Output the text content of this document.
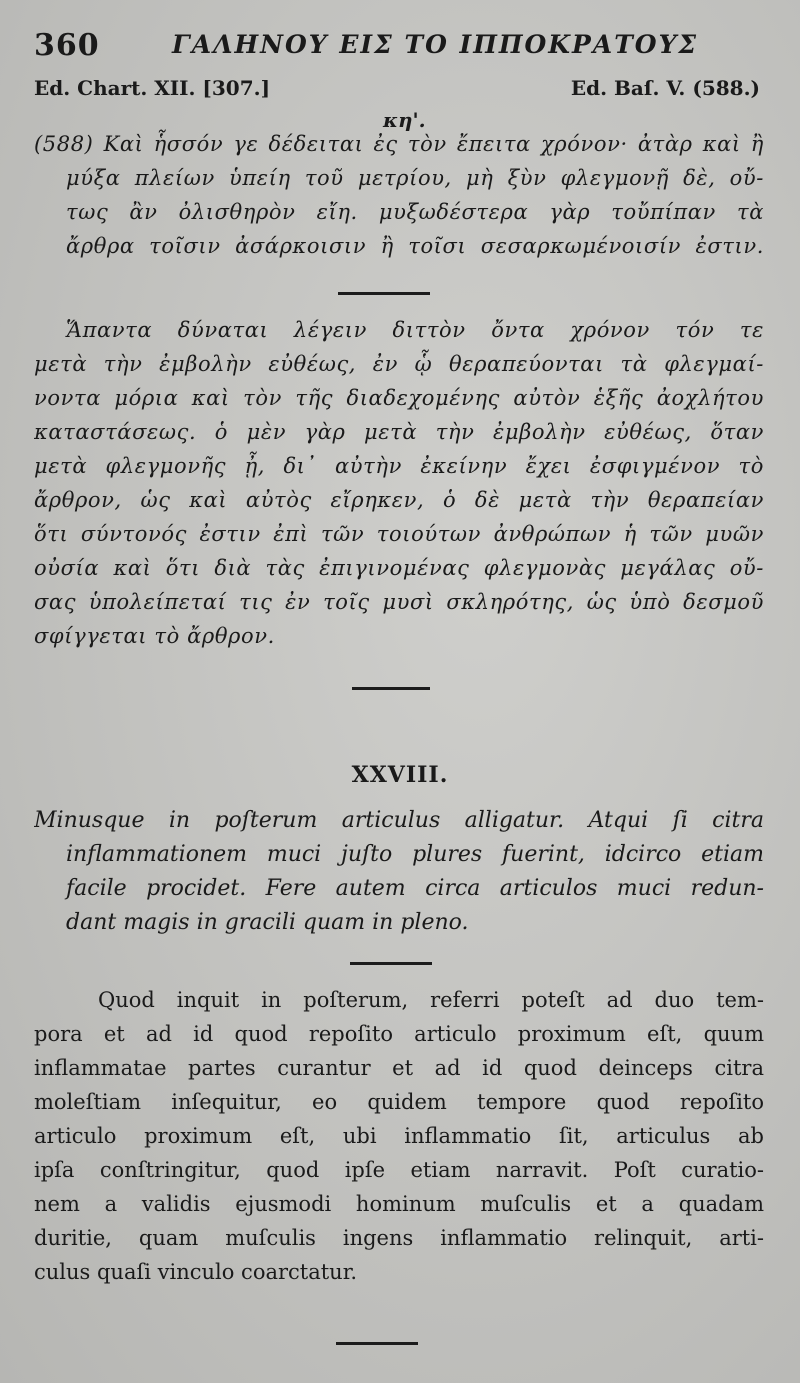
360	ΓΑΛΗΝΟΥ ΕΙΣ ΤΟ ΙΠΠΟΚΡΑΤΟΥΣ
Ed. Chart. XII. [307.]	Ed. Baſ. V. (588.)
κη'.
(588) Καὶ ἧσσόν γε δέδειται ἐς τὸν ἔπειτα χρόνον· ἀτὰρ καὶ ἢ
μύξα πλείων ὑπείη τοῦ μετρίου, μὴ ξὺν φλεγμονῇ δὲ, οὔ-
τως ἂν ὀλισθηρὸν εἴη. μυξωδέστερα γὰρ τοὔπίπαν τὰ
ἄρθρα τοῖσιν ἀσάρκοισιν ἢ τοῖσι σεσαρκωμένοισίν ἐστιν.
Ἅπαντα δύναται λέγειν διττὸν ὄντα χρόνον τόν τε
μετὰ τὴν ἐμβολὴν εὐθέως, ἐν ᾧ θεραπεύονται τὰ φλεγμαί-
νοντα μόρια καὶ τὸν τῆς διαδεχομένης αὐτὸν ἑξῆς ἀοχλήτου
καταστάσεως. ὁ μὲν γὰρ μετὰ τὴν ἐμβολὴν εὐθέως, ὅταν
μετὰ φλεγμονῆς ᾖ, δι᾽ αὐτὴν ἐκείνην ἔχει ἐσφιγμένον τὸ
ἄρθρον, ὡς καὶ αὐτὸς εἴρηκεν, ὁ δὲ μετὰ τὴν θεραπείαν
ὅτι σύντονός ἐστιν ἐπὶ τῶν τοιούτων ἀνθρώπων ἡ τῶν μυῶν
οὐσία καὶ ὅτι διὰ τὰς ἐπιγινομένας φλεγμονὰς μεγάλας οὔ-
σας ὑπολείπεταί τις ἐν τοῖς μυσὶ σκληρότης, ὡς ὑπὸ δεσμοῦ
σφίγγεται τὸ ἄρθρον.
XXVIII.
Minusque in poſterum articulus alligatur. Atqui ſi citra
inflammationem muci juſto plures fuerint, idcirco etiam
facile procidet. Fere autem circa articulos muci redun-
dant magis in gracili quam in pleno.
Quod inquit in poſterum, referri poteſt ad duo tem-
pora et ad id quod repoſito articulo proximum eſt, quum
inflammatae partes curantur et ad id quod deinceps citra
moleſtiam inſequitur, eo quidem tempore quod repoſito
articulo proximum eſt, ubi inflammatio ſit, articulus ab
ipſa conſtringitur, quod ipſe etiam narravit. Poſt curatio-
nem a validis ejusmodi hominum muſculis et a quadam
duritie, quam muſculis ingens inflammatio relinquit, arti-
culus quaſi vinculo coarctatur.
